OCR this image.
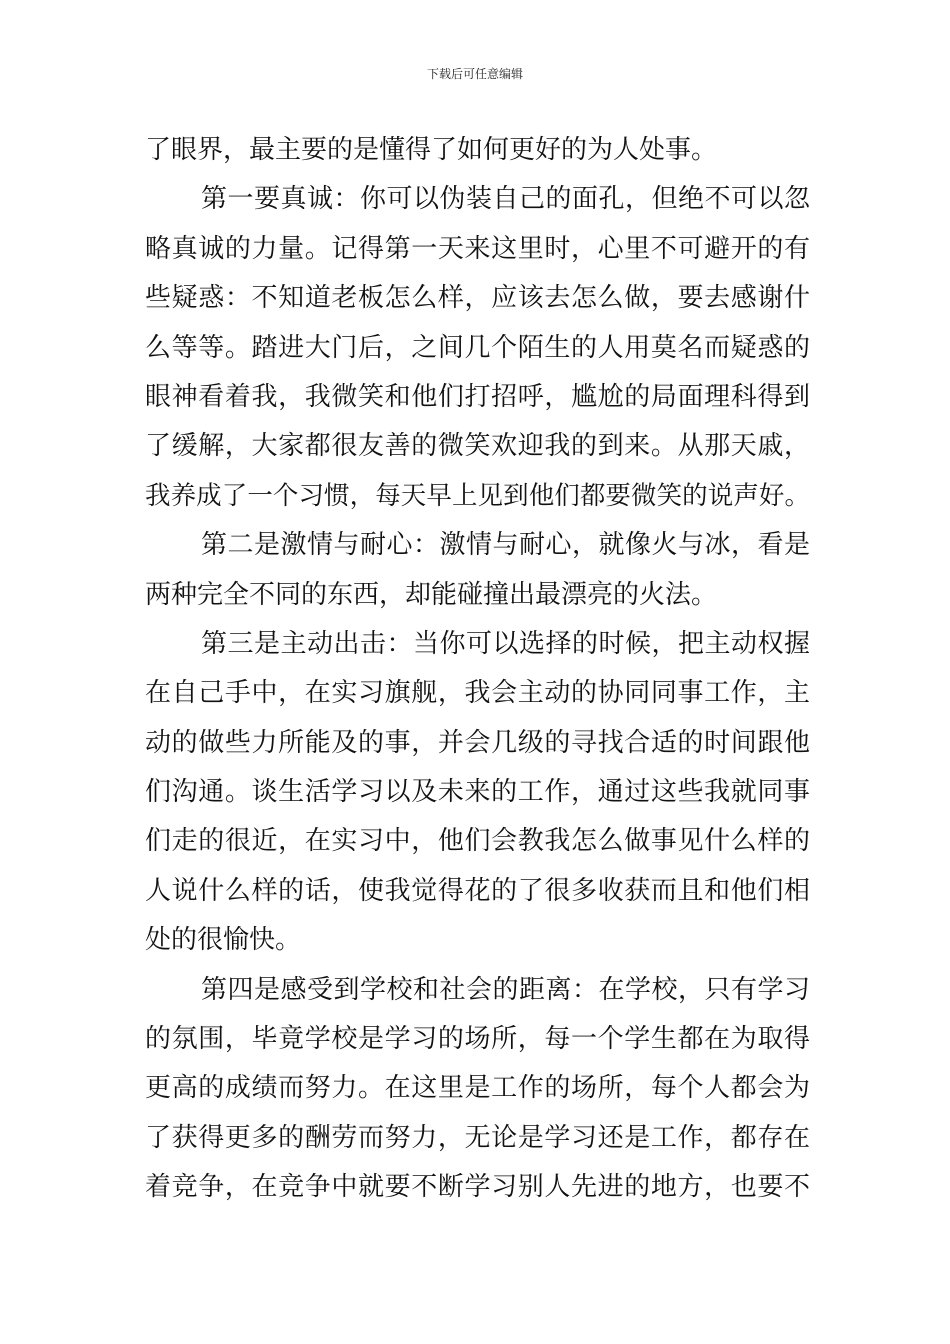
下载后可任意编辑
了眼界，最主要的是懂得了如何更好的为人处事。
第一要真诚：你可以伪装自己的面孔，但绝不可以忽
略真诚的力量。记得第一天来这里时，心里不可避开的有
些疑惑：不知道老板怎么样，应该去怎么做，要去感谢什
么等等。踏进大门后，之间几个陌生的人用莫名而疑惑的
眼神看着我，我微笑和他们打招呼，尴尬的局面理科得到
了缓解，大家都很友善的微笑欢迎我的到来。从那天戚，
我养成了一个习惯，每天早上见到他们都要微笑的说声好。
第二是激情与耐心：激情与耐心，就像火与冰，看是
两种完全不同的东西，却能碰撞出最漂亮的火法。
第三是主动出击：当你可以选择的时候，把主动权握
在自己手中，在实习旗舰，我会主动的协同同事工作，主
动的做些力所能及的事，并会几级的寻找合适的时间跟他
们沟通。谈生活学习以及未来的工作，通过这些我就同事
们走的很近，在实习中，他们会教我怎么做事见什么样的
人说什么样的话，使我觉得花的了很多收获而且和他们相
处的很愉快。
第四是感受到学校和社会的距离：在学校，只有学习
的氛围，毕竟学校是学习的场所，每一个学生都在为取得
更高的成绩而努力。在这里是工作的场所，每个人都会为
了获得更多的酬劳而努力，无论是学习还是工作，都存在
着竞争，在竞争中就要不断学习别人先进的地方，也要不
